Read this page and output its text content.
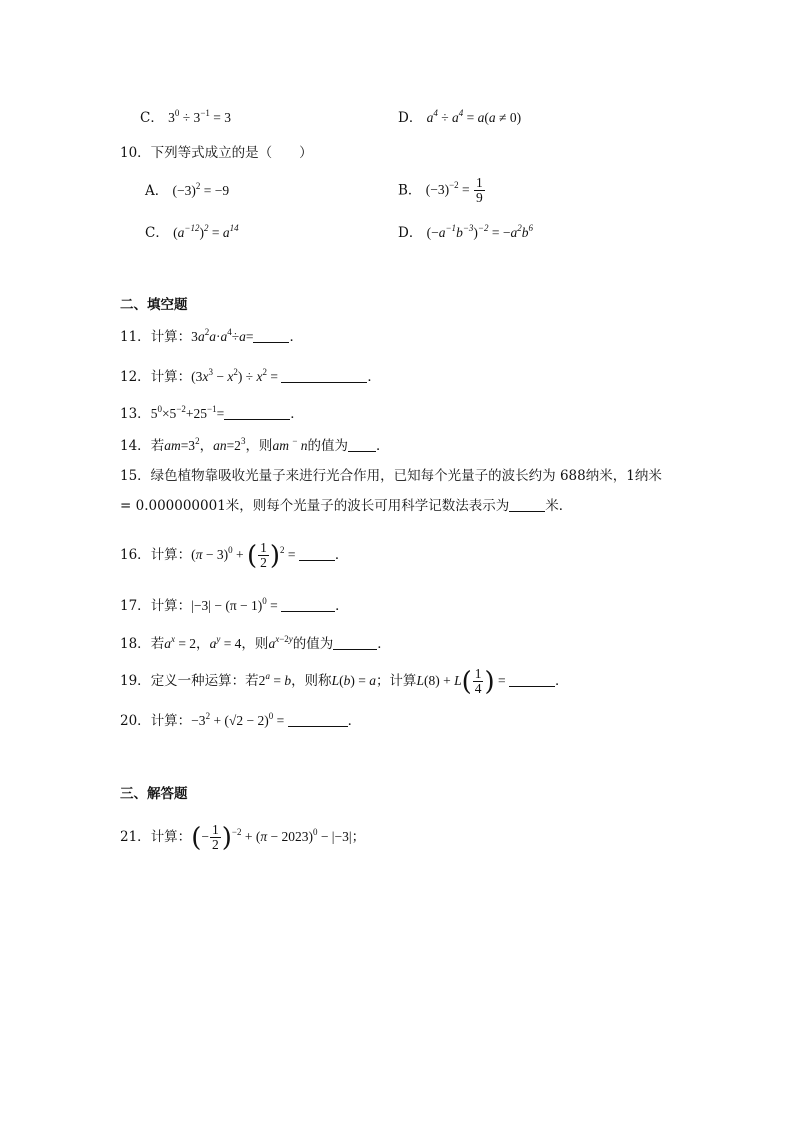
C． $3^0 \div 3^{-1} = 3$	D． $a^4 \div a^4 = a(a \ne 0)$
10．下列等式成立的是（　　）
A． $(-3)^2 = -9$	B． $(-3)^{-2} = \frac{1}{9}$
C． $(a^{-12})^2 = a^{14}$	D． $(-a^{-1}b^{-3})^{-2} = -a^2b^6$
二、填空题
11．计算：$3a^2a\cdot a^4\div a=$	．
12．计算：$(3x^3 - x^2) \div x^2$ =	．
13．$5^0\times 5^{-2}+25^{-1}=$	．
14．若$am=3^2$，$an=2^3$，则am − n的值为 ．
15．绿色植物靠吸收光量子来进行光合作用，已知每个光量子的波长约为 688纳米，1纳米
= 0.000000001米，则每个光量子的波长可用科学记数法表示为	米．
16．计算：$(\pi - 3)^0$ + ( $\frac{1}{2} )^2$ =	．
17．计算：$|-3| - (\pi - 1)^0$ =	．
18．若$a^x = 2$，$a^y = 4$，则$a^{x-2y}$的值为	．
19．定义一种运算：若$2^a = b$，则称L(b) = a；计算$L(8) + L( \frac{1}{4}$ ) =	．
20．计算：$-3^2 + (√2 - 2)^0$ =	．
三、解答题
21．计算：(− $\frac{1}{2} )^{-2} + (\pi - 2023)^0 - |-3|$；
